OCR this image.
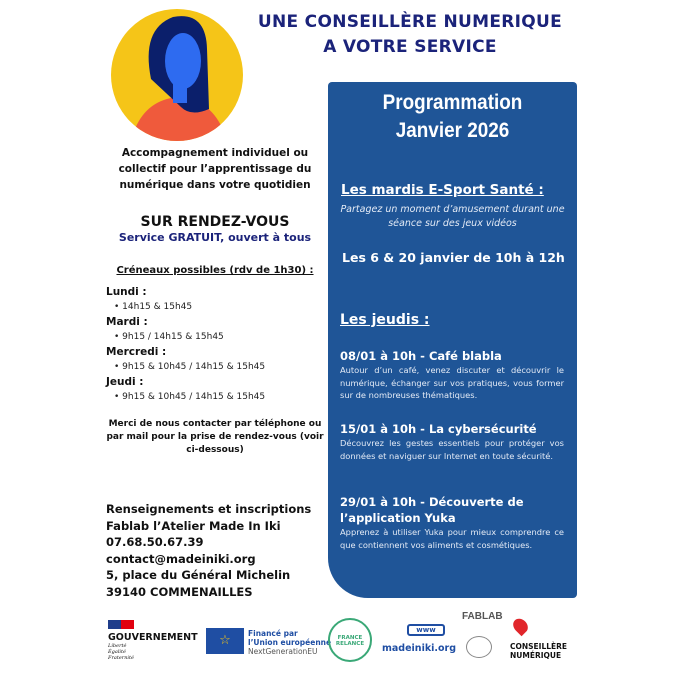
UNE CONSEILLÈRE NUMERIQUE
A VOTRE SERVICE
Accompagnement individuel ou collectif pour l’apprentissage du numérique dans votre quotidien
SUR RENDEZ-VOUS
Service GRATUIT, ouvert à tous
Créneaux possibles (rdv de 1h30) :
Lundi :
• 14h15 & 15h45
Mardi :
• 9h15 / 14h15 & 15h45
Mercredi :
• 9h15 & 10h45 / 14h15 & 15h45
Jeudi :
• 9h15 & 10h45 / 14h15 & 15h45
Merci de nous contacter par téléphone ou par mail pour la prise de rendez-vous (voir ci-dessous)
Renseignements et inscriptions
Fablab l’Atelier Made In Iki
07.68.50.67.39
contact@madeiniki.org
5, place du Général Michelin
39140 COMMENAILLES
Programmation
Janvier 2026
Les mardis E-Sport Santé :
Partagez un moment d’amusement durant une séance sur des jeux vidéos
Les 6 & 20 janvier de 10h à 12h
Les jeudis :
08/01 à 10h - Café blabla

Autour d’un café, venez discuter et découvrir le numérique, échanger sur vos pratiques, vous former sur de nombreuses thématiques.

15/01 à 10h - La cybersécurité

Découvrez les gestes essentiels pour protéger vos données et naviguer sur Internet en toute sécurité.

29/01 à 10h - Découverte de l’application Yuka

Apprenez à utiliser Yuka pour mieux comprendre ce que contiennent vos aliments et cosmétiques.

GOUVERNEMENT
Liberté
Égalité
Fraternité
☆	Financé par
l’Union européenne
NextGenerationEU
FRANCE RELANCE
www
madeiniki.org
FABLAB
CONSEILLÈRE
NUMÉRIQUE
